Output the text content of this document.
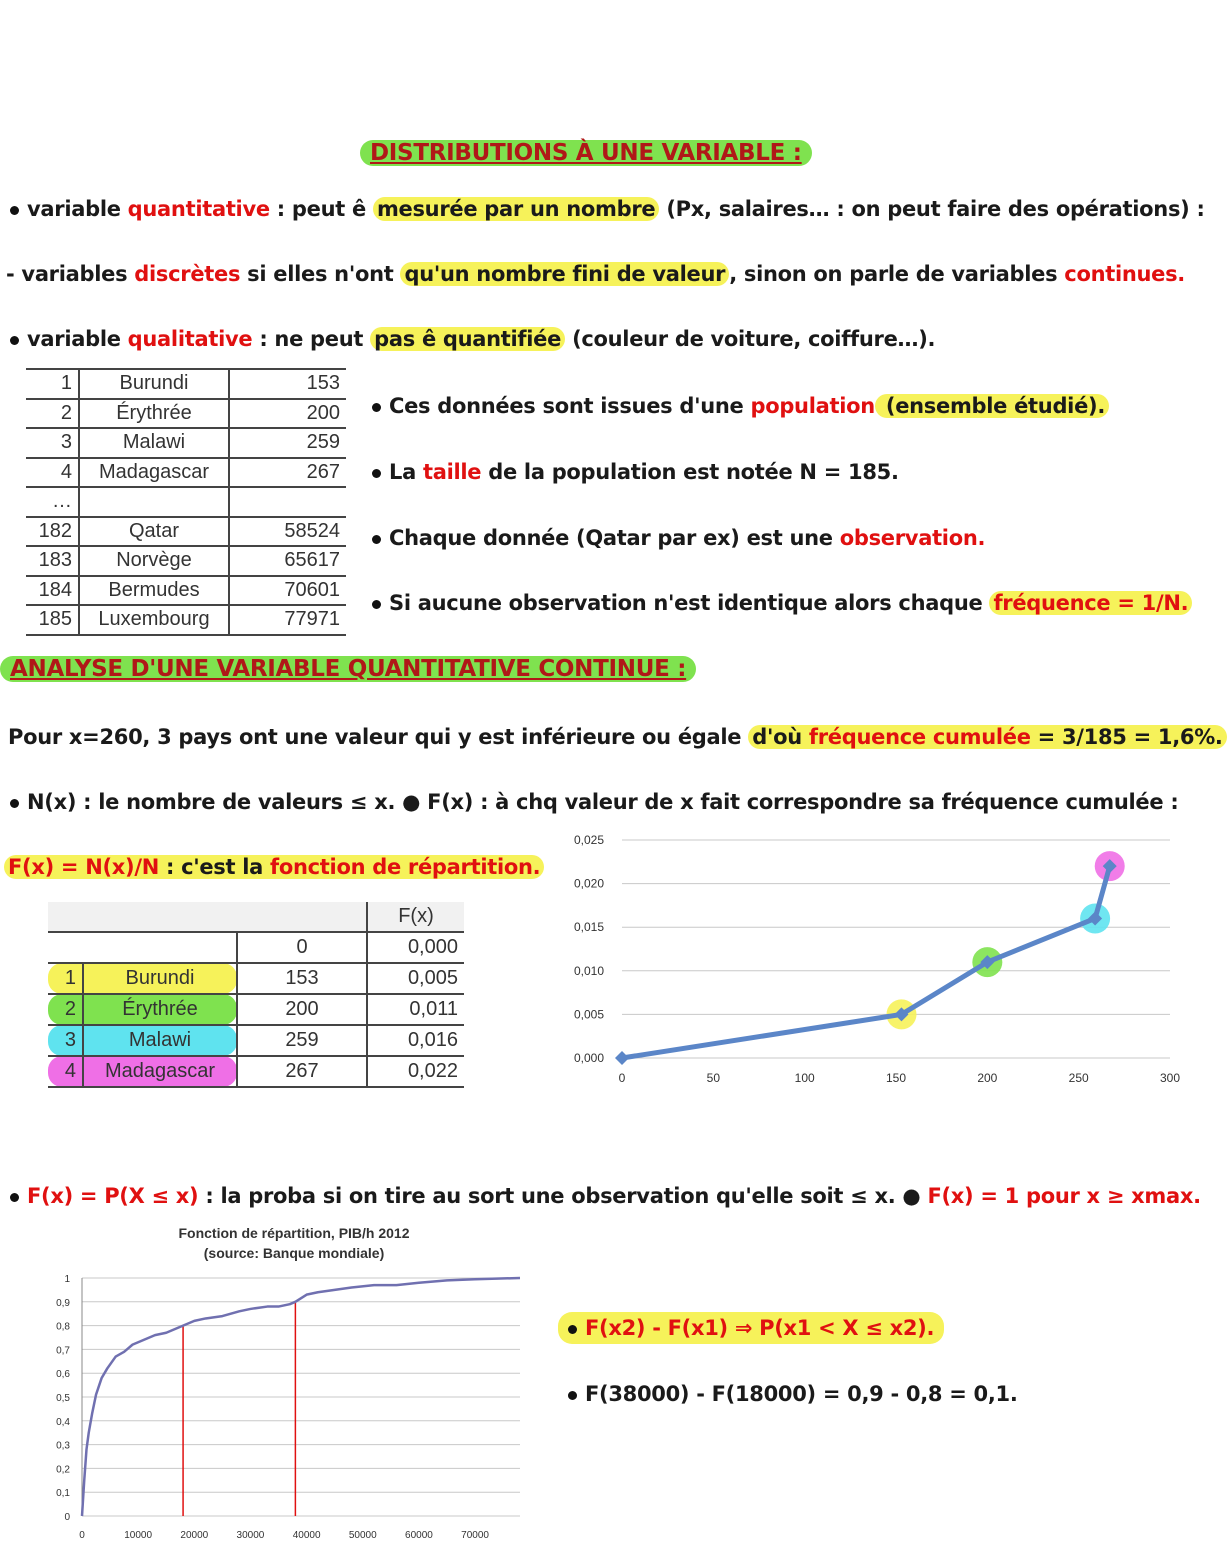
DISTRIBUTIONS À UNE VARIABLE :
variable quantitative : peut ê mesurée par un nombre (Px, salaires… : on peut faire des opérations) :
- variables discrètes si elles n'ont qu'un nombre fini de valeur , sinon on parle de variables continues.
variable qualitative : ne peut pas ê quantifiée (couleur de voiture, coiffure…).
1	Burundi	153
2	Érythrée	200
3	Malawi	259
4	Madagascar	267
…		
182	Qatar	58524
183	Norvège	65617
184	Bermudes	70601
185	Luxembourg	77971
Ces données sont issues d'une population (ensemble étudié).
La taille de la population est notée N = 185.
Chaque donnée (Qatar par ex) est une observation.
Si aucune observation n'est identique alors chaque fréquence = 1/N.
ANALYSE D'UNE VARIABLE QUANTITATIVE CONTINUE :
Pour x=260, 3 pays ont une valeur qui y est inférieure ou égale d'où fréquence cumulée = 3/185 = 1,6%.
N(x) : le nombre de valeurs ≤ x. ● F(x) : à chq valeur de x fait correspondre sa fréquence cumulée :
F(x) = N(x)/N : c'est la fonction de répartition.
			F(x)
		0	0,000
1	Burundi	153	0,005
2	Érythrée	200	0,011
3	Malawi	259	0,016
4	Madagascar	267	0,022
0,000
0,005
0,010
0,015
0,020
0,025
0	50	100	150	200	250	300
F(x) = P(X ≤ x) : la proba si on tire au sort une observation qu'elle soit ≤ x. ● F(x) = 1 pour x ≥ xmax.
Fonction de répartition, PIB/h 2012
(source: Banque mondiale)
0
0,1
0,2
0,3
0,4
0,5
0,6
0,7
0,8
0,9
1
0	10000	20000	30000	40000	50000	60000	70000
F(x2) - F(x1) ⇒ P(x1 < X ≤ x2).
F(38000) - F(18000) = 0,9 - 0,8 = 0,1.
